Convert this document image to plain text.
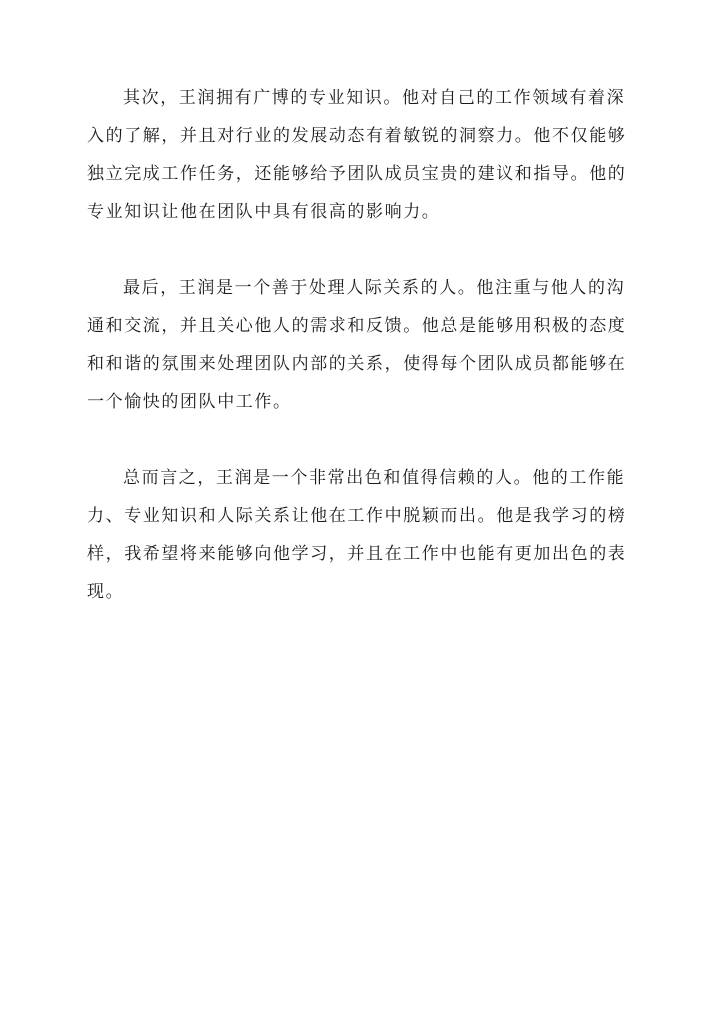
其次，王润拥有广博的专业知识。他对自己的工作领域有着深
入的了解，并且对行业的发展动态有着敏锐的洞察力。他不仅能够
独立完成工作任务，还能够给予团队成员宝贵的建议和指导。他的
专业知识让他在团队中具有很高的影响力。

最后，王润是一个善于处理人际关系的人。他注重与他人的沟
通和交流，并且关心他人的需求和反馈。他总是能够用积极的态度
和和谐的氛围来处理团队内部的关系，使得每个团队成员都能够在
一个愉快的团队中工作。

总而言之，王润是一个非常出色和值得信赖的人。他的工作能
力、专业知识和人际关系让他在工作中脱颖而出。他是我学习的榜
样，我希望将来能够向他学习，并且在工作中也能有更加出色的表
现。
